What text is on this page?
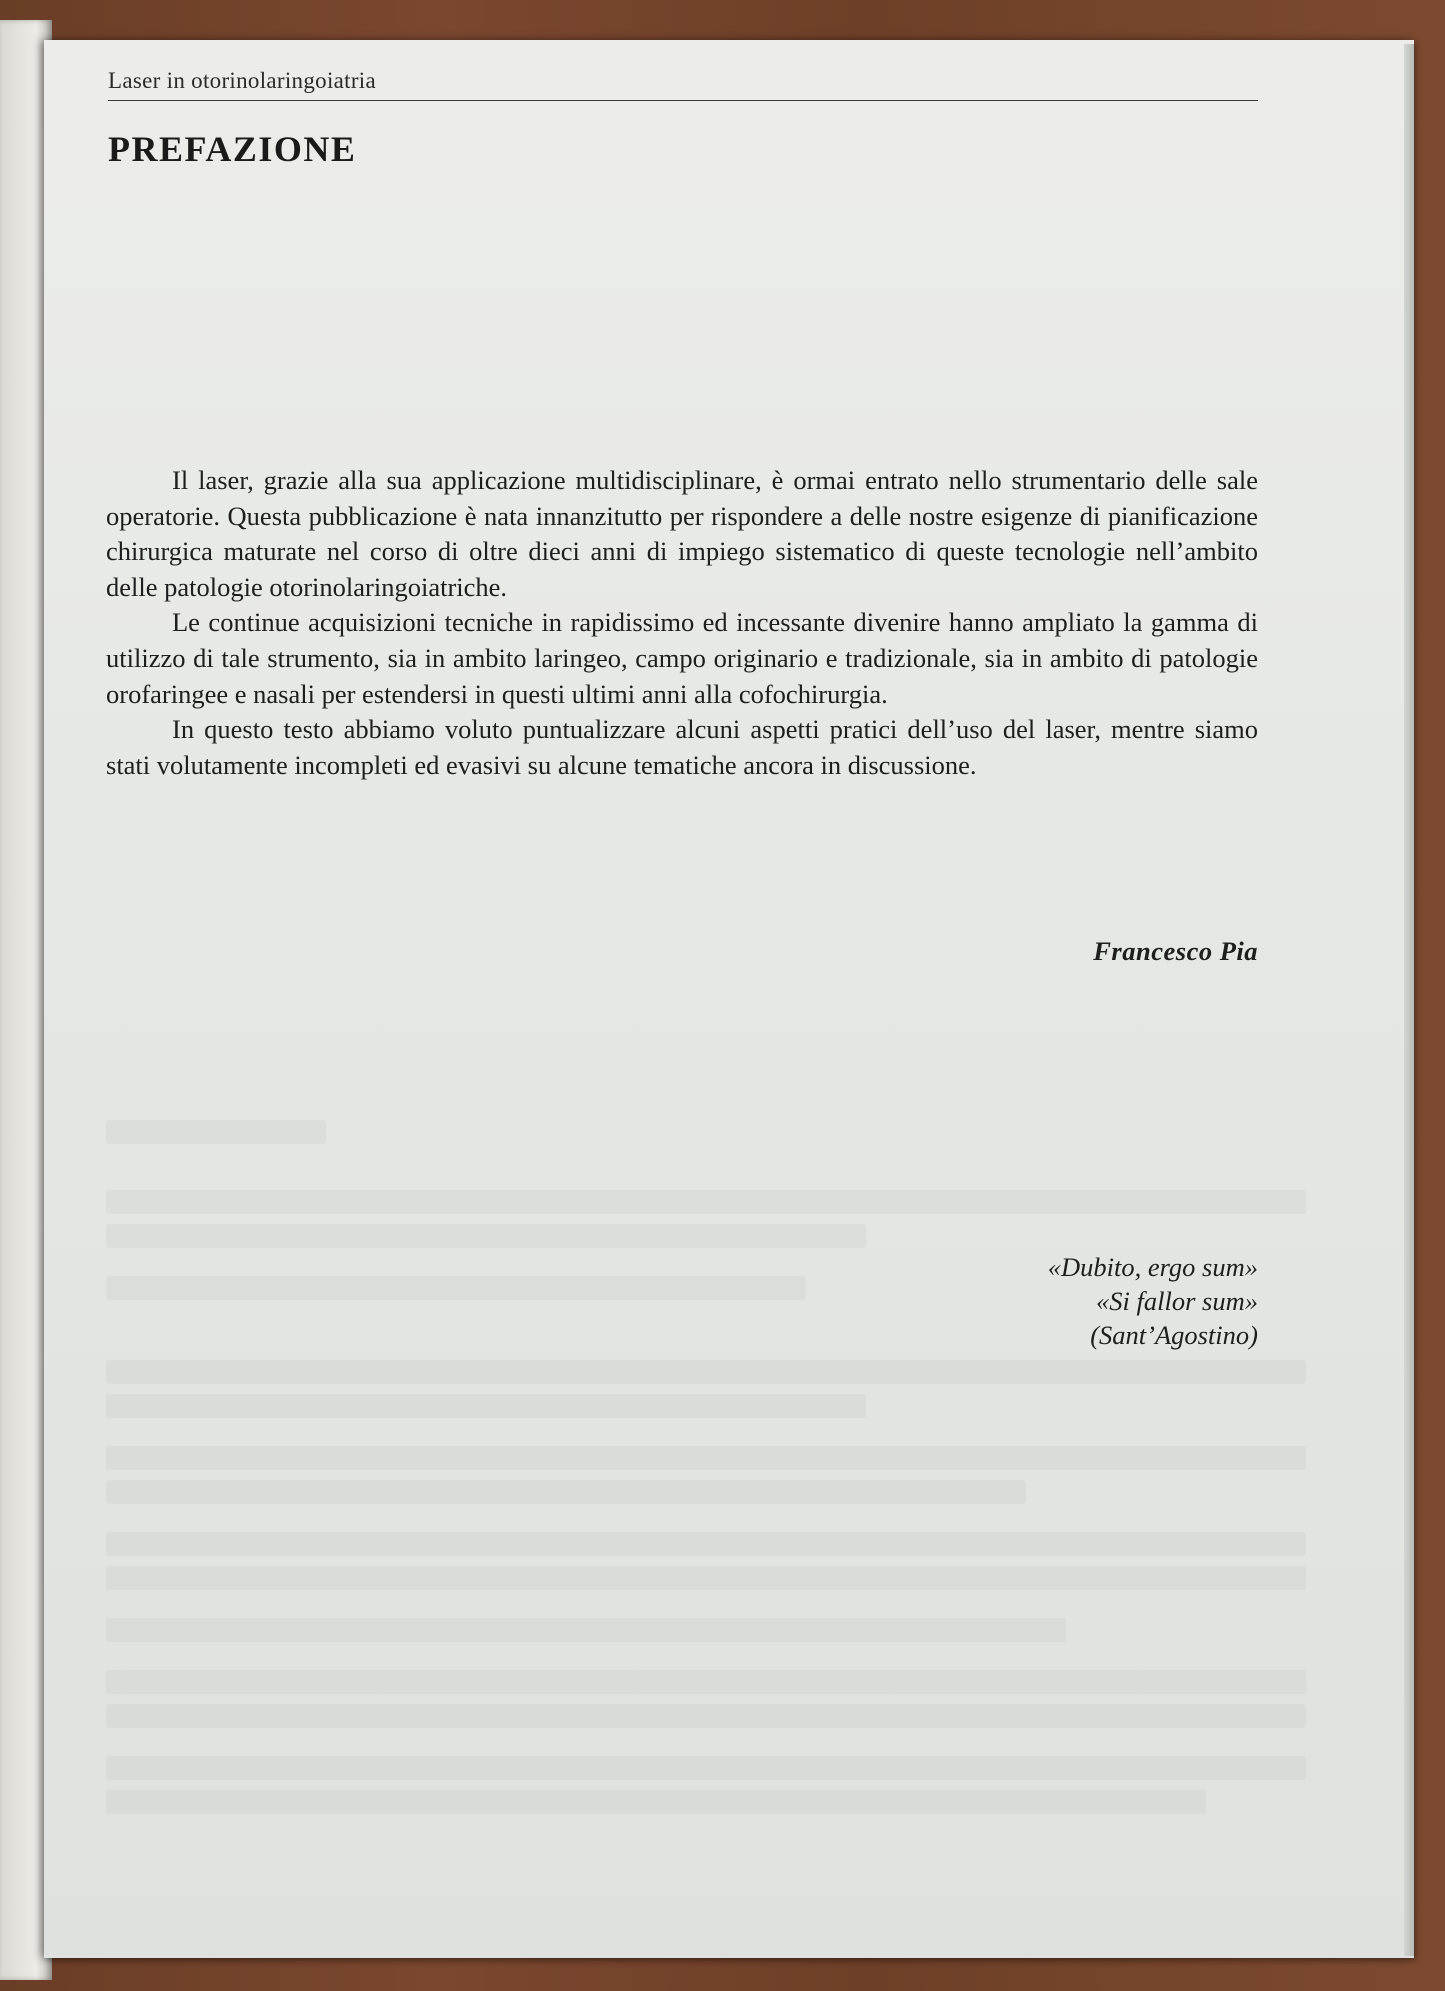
Laser in otorinolaringoiatria
PREFAZIONE

Il laser, grazie alla sua applicazione multidisciplinare, è ormai entrato nello strumentario delle sale operatorie. Questa pubblicazione è nata innanzitutto per rispondere a delle nostre esigenze di pianificazione chirurgica maturate nel corso di oltre dieci anni di impiego sistematico di queste tecnologie nell’ambito delle patologie otorinolaringoiatriche.

Le continue acquisizioni tecniche in rapidissimo ed incessante divenire hanno ampliato la gamma di utilizzo di tale strumento, sia in ambito laringeo, campo originario e tradizionale, sia in ambito di patologie orofaringee e nasali per estendersi in questi ultimi anni alla cofochirurgia.

In questo testo abbiamo voluto puntualizzare alcuni aspetti pratici dell’uso del laser, mentre siamo stati volutamente incompleti ed evasivi su alcune tematiche ancora in discussione.

Francesco Pia
«Dubito, ergo sum»
«Si fallor sum»
(Sant’Agostino)
